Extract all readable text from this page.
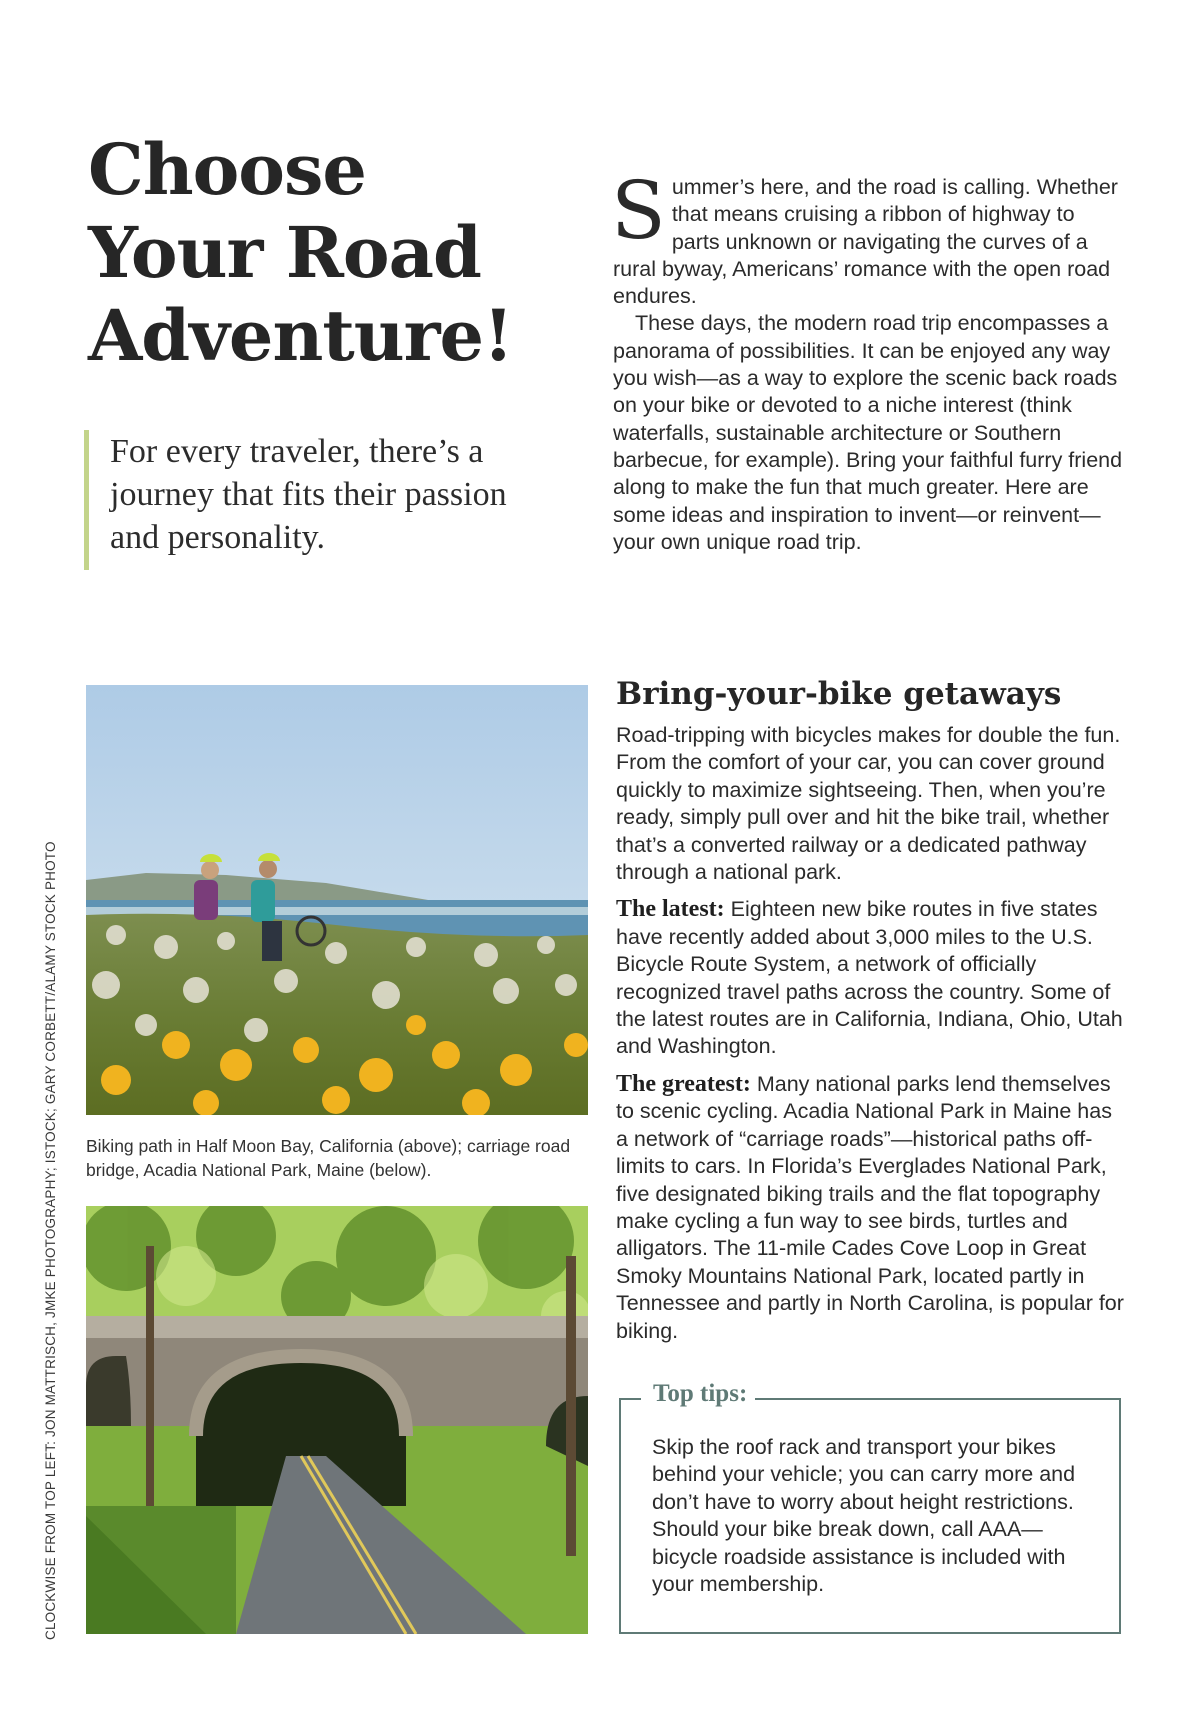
Choose
Your Road
Adventure!
For every traveler, there’s a journey that fits their passion and personality.

Summer’s here, and the road is calling. Whether that means cruising a ribbon of highway to parts unknown or navigating the curves of a rural byway, Americans’ romance with the open road endures.

These days, the modern road trip encompasses a panorama of possibilities. It can be enjoyed any way you wish—as a way to explore the scenic back roads on your bike or devoted to a niche interest (think waterfalls, sustainable architecture or Southern barbecue, for example). Bring your faithful furry friend along to make the fun that much greater. Here are some ideas and inspiration to invent—or reinvent—your own unique road trip.

CLOCKWISE FROM TOP LEFT: JON MATTRISCH, JMKE PHOTOGRAPHY; ISTOCK; GARY CORBETT/ALAMY STOCK PHOTO Biking path in Half Moon Bay, California (above); carriage road bridge, Acadia National Park, Maine (below).
Bring-your-bike getaways

Road-tripping with bicycles makes for double the fun. From the comfort of your car, you can cover ground quickly to maximize sightseeing. Then, when you’re ready, simply pull over and hit the bike trail, whether that’s a converted railway or a dedicated pathway through a national park.

The latest: Eighteen new bike routes in five states have recently added about 3,000 miles to the U.S. Bicycle Route System, a network of officially recognized travel paths across the country. Some of the latest routes are in California, Indiana, Ohio, Utah and Washington.

The greatest: Many national parks lend themselves to scenic cycling. Acadia National Park in Maine has a network of “carriage roads”—historical paths off-limits to cars. In Florida’s Everglades National Park, five designated biking trails and the flat topography make cycling a fun way to see birds, turtles and alligators. The 11-mile Cades Cove Loop in Great Smoky Mountains National Park, located partly in Tennessee and partly in North Carolina, is popular for biking.

Top tips:
Skip the roof rack and transport your bikes behind your vehicle; you can carry more and don’t have to worry about height restrictions. Should your bike break down, call AAA—bicycle roadside assistance is included with your membership.
